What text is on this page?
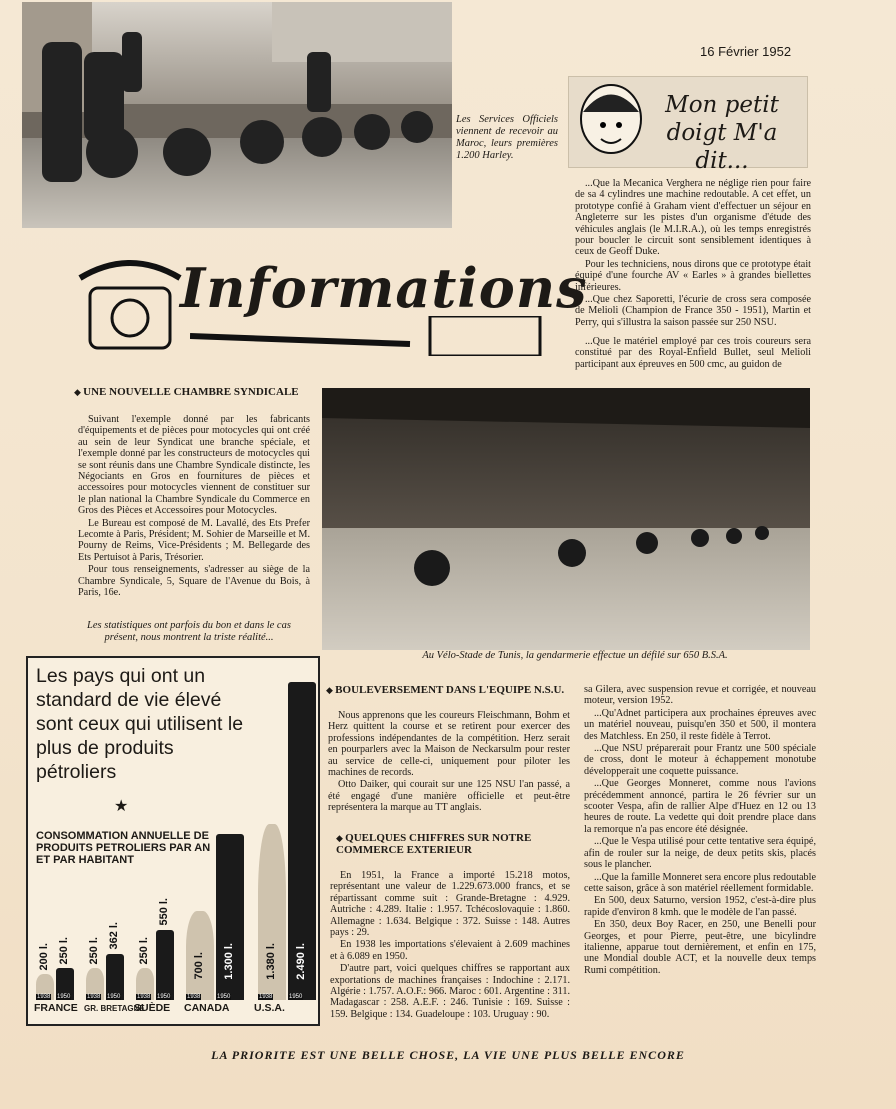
Les Services Officiels viennent de recevoir au Maroc, leurs premières 1.200 Harley.
16 Février 1952
Mon petit doigt M'a dit...

...Que la Mecanica Verghera ne néglige rien pour faire de sa 4 cylindres une machine redoutable. A cet effet, un prototype confié à Graham vient d'effectuer un séjour en Angleterre sur les pistes d'un organisme d'étude des véhicules anglais (le M.I.R.A.), où les temps enregistrés pour boucler le circuit sont sensiblement identiques à ceux de Geoff Duke.

Pour les techniciens, nous dirons que ce prototype était équipé d'une fourche AV « Earles » à grandes biellettes inférieures.

...Que chez Saporetti, l'écurie de cross sera composée de Melioli (Champion de France 350 - 1951), Martin et Perry, qui s'illustra la saison passée sur 250 NSU.

Informations
◆ UNE NOUVELLE CHAMBRE SYNDICALE

Suivant l'exemple donné par les fabricants d'équipements et de pièces pour motocycles qui ont créé au sein de leur Syndicat une branche spéciale, et l'exemple donné par les constructeurs de motocycles qui se sont réunis dans une Chambre Syndicale distincte, les Négociants en Gros en fournitures de pièces et accessoires pour motocycles viennent de constituer sur le plan national la Chambre Syndicale du Commerce en Gros des Pièces et Accessoires pour Motocycles.

Le Bureau est composé de M. Lavallé, des Ets Prefer Lecomte à Paris, Président; M. Sohier de Marseille et M. Pourny de Reims, Vice-Présidents ; M. Bellegarde des Ets Pertuisot à Paris, Trésorier.

Pour tous renseignements, s'adresser au siège de la Chambre Syndicale, 5, Square de l'Avenue du Bois, à Paris, 16e.

Les statistiques ont parfois du bon et dans le cas présent, nous montrent la triste réalité...
Au Vélo-Stade de Tunis, la gendarmerie effectue un défilé sur 650 B.S.A.

...Que le matériel employé par ces trois coureurs sera constitué par des Royal-Enfield Bullet, seul Melioli participant aux épreuves en 500 cmc, au guidon de

Les pays qui ont un standard de vie élevé sont ceux qui utilisent le plus de produits pétroliers
★
CONSOMMATION ANNUELLE DE PRODUITS PETROLIERS PAR AN ET PAR HABITANT
200 l. 250 l.
1938 1950
250 l.
362 l.
1938 1950
250 l.
550 l.
1938 1950
700 l. 1.300 l.
1938	1950
1.380 l. 2.490 l.
1938	1950
FRANCE GR. BRETAGNE
SUÈDE CANADA U.S.A.
◆ BOULEVERSEMENT DANS L'EQUIPE N.S.U.

Nous apprenons que les coureurs Fleischmann, Bohm et Herz quittent la course et se retirent pour exercer des professions indépendantes de la compétition. Herz serait en pourparlers avec la Maison de Neckarsulm pour rester au service de celle-ci, uniquement pour piloter les machines de records.

Otto Daiker, qui courait sur une 125 NSU l'an passé, a été engagé d'une manière officielle et peut-être représentera la marque au TT anglais.

◆ QUELQUES CHIFFRES SUR NOTRE COMMERCE EXTERIEUR

En 1951, la France a importé 15.218 motos, représentant une valeur de 1.229.673.000 francs, et se répartissant comme suit : Grande-Bretagne : 4.929. Autriche : 4.289. Italie : 1.957. Tchécoslovaquie : 1.860. Allemagne : 1.634. Belgique : 372. Suisse : 148. Autres pays : 29.

En 1938 les importations s'élevaient à 2.609 machines et à 6.089 en 1950.

D'autre part, voici quelques chiffres se rapportant aux exportations de machines françaises : Indochine : 2.171. Algérie : 1.757. A.O.F.: 966. Maroc : 601. Argentine : 311. Madagascar : 258. A.E.F. : 246. Tunisie : 169. Suisse : 159. Belgique : 134. Guadeloupe : 103. Uruguay : 90.

sa Gilera, avec suspension revue et corrigée, et nouveau moteur, version 1952.

...Qu'Adnet participera aux prochaines épreuves avec un matériel nouveau, puisqu'en 350 et 500, il montera des Matchless. En 250, il reste fidèle à Terrot.

...Que NSU préparerait pour Frantz une 500 spéciale de cross, dont le moteur à échappement monotube développerait une coquette puissance.

...Que Georges Monneret, comme nous l'avions précédemment annoncé, partira le 26 février sur un scooter Vespa, afin de rallier Alpe d'Huez en 12 ou 13 heures de route. La vedette qui doit prendre place dans la remorque n'a pas encore été désignée.

...Que le Vespa utilisé pour cette tentative sera équipé, afin de rouler sur la neige, de deux petits skis, placés sous le plancher.

...Que la famille Monneret sera encore plus redoutable cette saison, grâce à son matériel réellement formidable.

En 500, deux Saturno, version 1952, c'est-à-dire plus rapide d'environ 8 kmh. que le modèle de l'an passé.

En 350, deux Boy Racer, en 250, une Benelli pour Georges, et pour Pierre, peut-être, une bicylindre italienne, apparue tout dernièrement, et enfin en 175, une Mondial double ACT, et la nouvelle deux temps Rumi compétition.

LA PRIORITE EST UNE BELLE CHOSE, LA VIE UNE PLUS BELLE ENCORE
